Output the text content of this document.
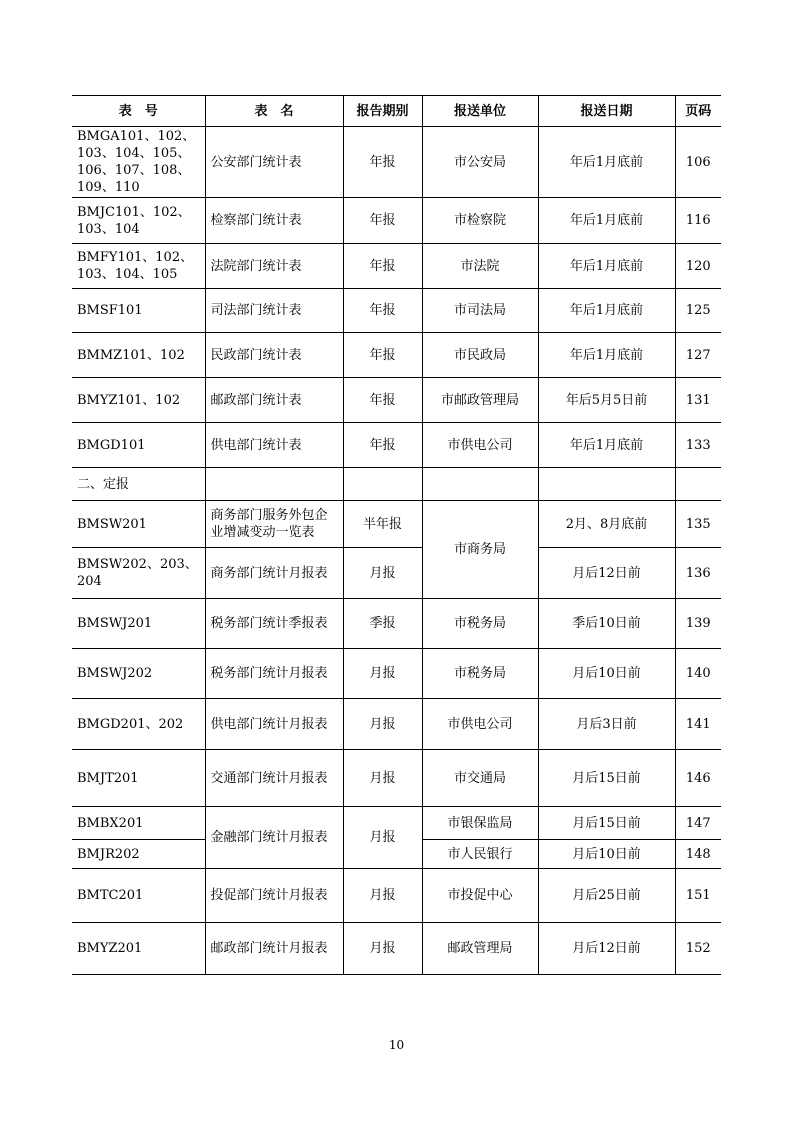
表　号	表　名	报告期别	报送单位	报送日期	页码
BMGA101、102、103、104、105、106、107、108、109、110	公安部门统计表	年报	市公安局	年后1月底前	106
BMJC101、102、103、104	检察部门统计表	年报	市检察院	年后1月底前	116
BMFY101、102、103、104、105	法院部门统计表	年报	市法院	年后1月底前	120
BMSF101	司法部门统计表	年报	市司法局	年后1月底前	125
BMMZ101、102	民政部门统计表	年报	市民政局	年后1月底前	127
BMYZ101、102	邮政部门统计表	年报	市邮政管理局	年后5月5日前	131
BMGD101	供电部门统计表	年报	市供电公司	年后1月底前	133
二、定报					
BMSW201	商务部门服务外包企业增减变动一览表	半年报	市商务局	2月、8月底前	135
BMSW202、203、204	商务部门统计月报表	月报		月后12日前	136
BMSWJ201	税务部门统计季报表	季报	市税务局	季后10日前	139
BMSWJ202	税务部门统计月报表	月报	市税务局	月后10日前	140
BMGD201、202	供电部门统计月报表	月报	市供电公司	月后3日前	141
BMJT201	交通部门统计月报表	月报	市交通局	月后15日前	146
BMBX201	金融部门统计月报表	月报	市银保监局	月后15日前	147
BMJR202			市人民银行	月后10日前	148
BMTC201	投促部门统计月报表	月报	市投促中心	月后25日前	151
BMYZ201	邮政部门统计月报表	月报	邮政管理局	月后12日前	152
10
